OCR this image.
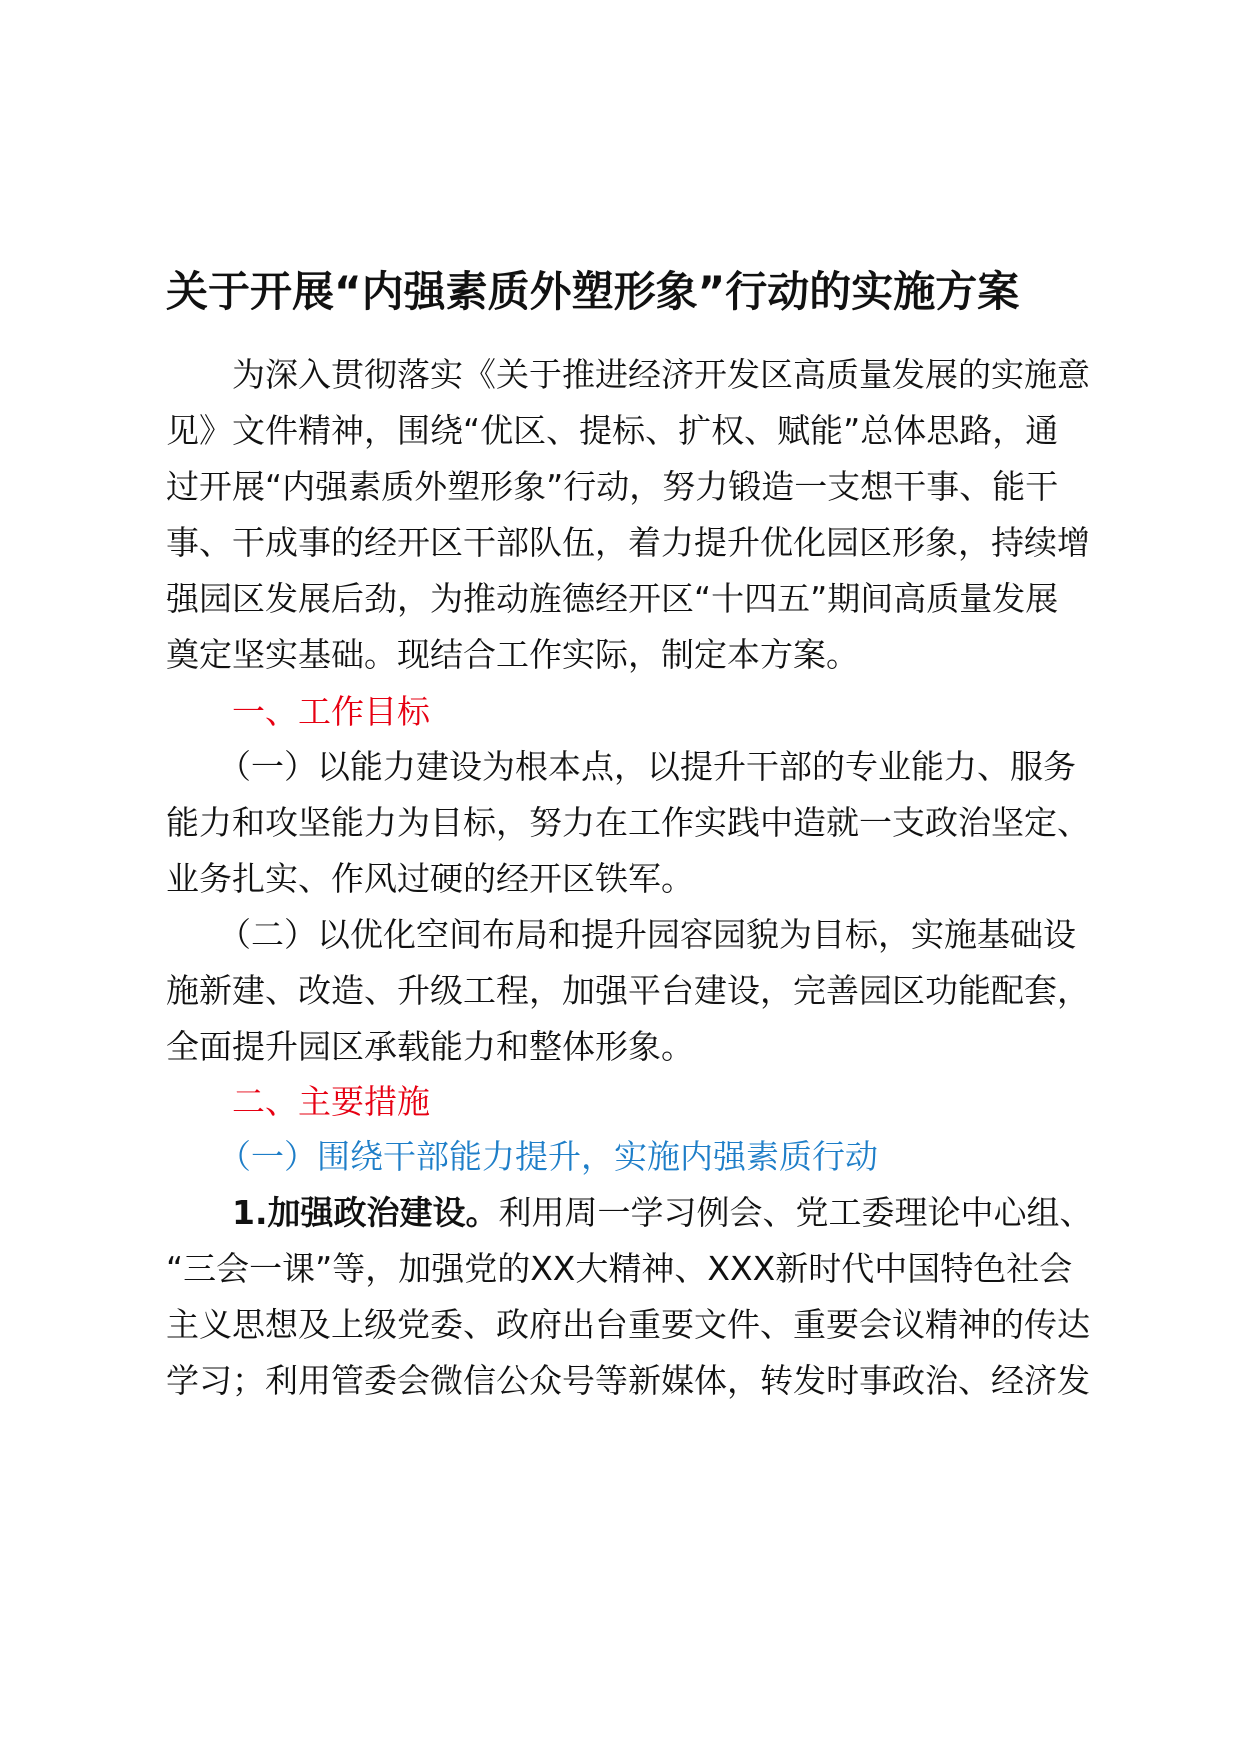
关于开展“内强素质外塑形象”行动的实施方案

为深入贯彻落实《关于推进经济开发区高质量发展的实施意

见》文件精神，围绕“优区、提标、扩权、赋能”总体思路，通

过开展“内强素质外塑形象”行动，努力锻造一支想干事、能干

事、干成事的经开区干部队伍，着力提升优化园区形象，持续增

强园区发展后劲，为推动旌德经开区“十四五”期间高质量发展

奠定坚实基础。现结合工作实际，制定本方案。

一、工作目标

（一）以能力建设为根本点，以提升干部的专业能力、服务

能力和攻坚能力为目标，努力在工作实践中造就一支政治坚定、

业务扎实、作风过硬的经开区铁军。

（二）以优化空间布局和提升园容园貌为目标，实施基础设

施新建、改造、升级工程，加强平台建设，完善园区功能配套，

全面提升园区承载能力和整体形象。

二、主要措施

（一）围绕干部能力提升，实施内强素质行动

1.加强政治建设。利用周一学习例会、党工委理论中心组、

“三会一课”等，加强党的XX大精神、XXX新时代中国特色社会

主义思想及上级党委、政府出台重要文件、重要会议精神的传达

学习；利用管委会微信公众号等新媒体，转发时事政治、经济发
